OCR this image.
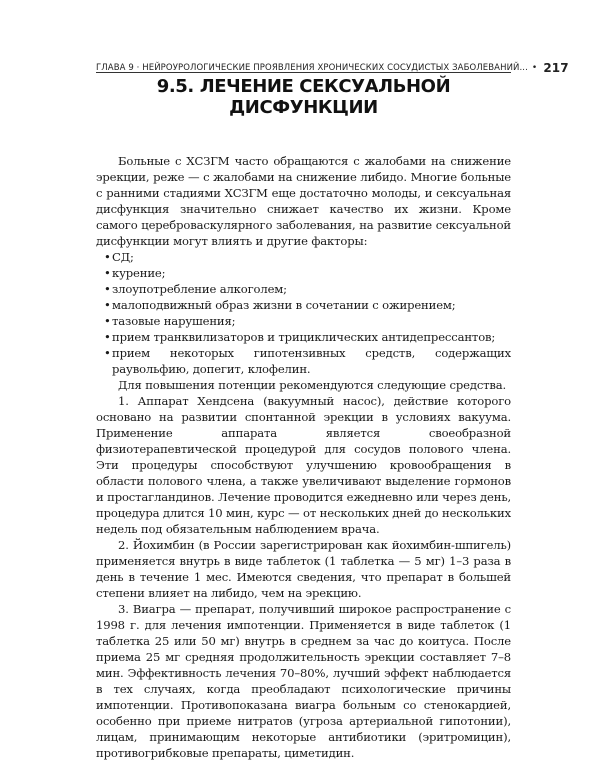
ГЛАВА 9 · НЕЙРОУРОЛОГИЧЕСКИЕ ПРОЯВЛЕНИЯ ХРОНИЧЕСКИХ СОСУДИСТЫХ ЗАБОЛЕВАНИЙ... • 217
9.5. ЛЕЧЕНИЕ СЕКСУАЛЬНОЙ ДИСФУНКЦИИ

Больные с ХСЗГМ часто обращаются с жалобами на снижение эрекции, реже — с жалобами на снижение либидо. Многие больные с ранними стадиями ХСЗГМ еще достаточно молоды, и сексуальная дисфункция значительно снижает качество их жизни. Кроме самого цереброваскулярного заболевания, на развитие сексуальной дисфункции могут влиять и другие факторы:

• СД;
• курение;
• злоупотребление алкоголем;
• малоподвижный образ жизни в сочетании с ожирением;
• тазовые нарушения;
• прием транквилизаторов и трициклических антидепрессантов;
• прием некоторых гипотензивных средств, содержащих раувольфию, допегит, клофелин.

Для повышения потенции рекомендуются следующие средства.

1. Аппарат Хендсена (вакуумный насос), действие которого основано на развитии спонтанной эрекции в условиях вакуума. Применение аппарата является своеобразной физиотерапевтической процедурой для сосудов полового члена. Эти процедуры способствуют улучшению кровообращения в области полового члена, а также увеличивают выделение гормонов и простагландинов. Лечение проводится ежедневно или через день, процедура длится 10 мин, курс — от нескольких дней до нескольких недель под обязательным наблюдением врача.

2. Йохимбин (в России зарегистрирован как йохимбин-шпигель) применяется внутрь в виде таблеток (1 таблетка — 5 мг) 1–3 раза в день в течение 1 мес. Имеются сведения, что препарат в большей степени влияет на либидо, чем на эрекцию.

3. Виагра — препарат, получивший широкое распространение с 1998 г. для лечения импотенции. Применяется в виде таблеток (1 таблетка 25 или 50 мг) внутрь в среднем за час до коитуса. После приема 25 мг средняя продолжительность эрекции составляет 7–8 мин. Эффективность лечения 70–80%, лучший эффект наблюдается в тех случаях, когда преобладают психологические причины импотенции. Противопоказана виагра больным со стенокардией, особенно при приеме нитратов (угроза артериальной гипотонии), лицам, принимающим некоторые антибиотики (эритромицин), противогрибковые препараты, циметидин.
